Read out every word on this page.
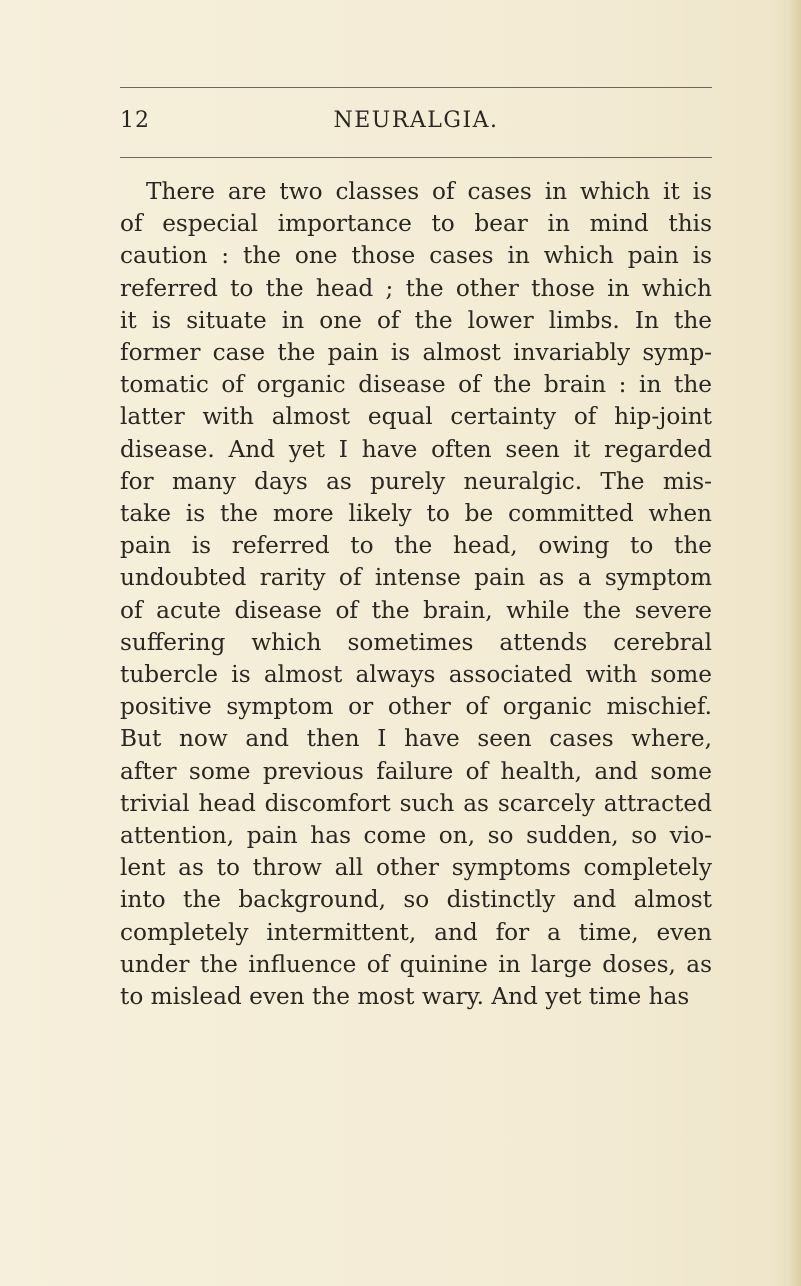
12	NEURALGIA.
There are two classes of cases in which it is
of especial importance to bear in mind this
caution : the one those cases in which pain is
referred to the head ; the other those in which
it is situate in one of the lower limbs. In the
former case the pain is almost invariably symp-
tomatic of organic disease of the brain : in the
latter with almost equal certainty of hip-joint
disease. And yet I have often seen it regarded
for many days as purely neuralgic. The mis-
take is the more likely to be committed when
pain is referred to the head, owing to the
undoubted rarity of intense pain as a symptom
of acute disease of the brain, while the severe
suffering which sometimes attends cerebral
tubercle is almost always associated with some
positive symptom or other of organic mischief.
But now and then I have seen cases where,
after some previous failure of health, and some
trivial head discomfort such as scarcely attracted
attention, pain has come on, so sudden, so vio-
lent as to throw all other symptoms completely
into the background, so distinctly and almost
completely intermittent, and for a time, even
under the influence of quinine in large doses, as
to mislead even the most wary. And yet time has
